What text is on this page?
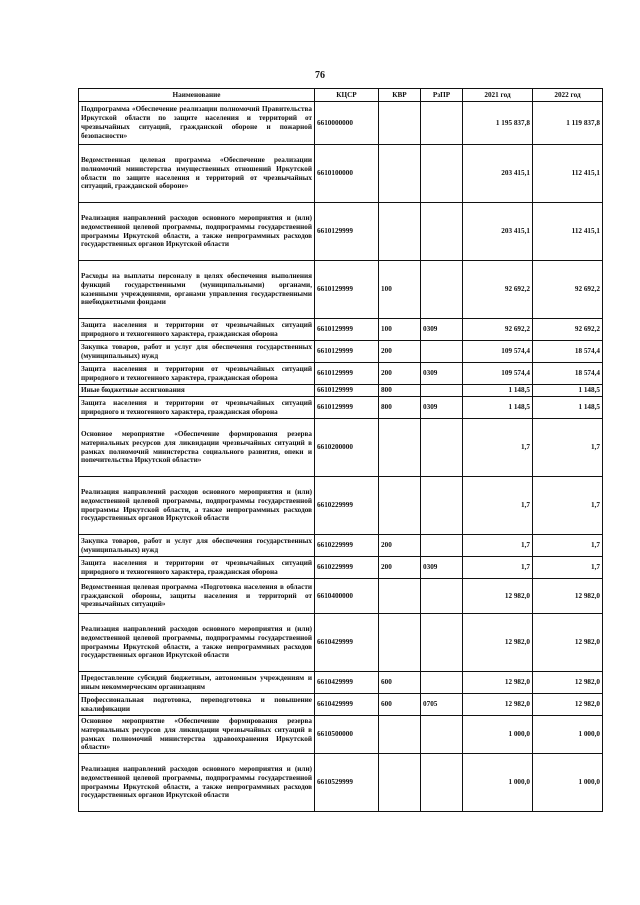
76
Наименование	КЦСР	КВР	РзПР	2021 год	2022 год
Подпрограмма «Обеспечение реализации полномочий Правительства Иркутской области по защите населения и территорий от чрезвычайных ситуаций, гражданской обороне и пожарной безопасности»	6610000000			1 195 837,8	1 119 837,8
Ведомственная целевая программа «Обеспечение реализации полномочий министерства имущественных отношений Иркутской области по защите населения и территорий от чрезвычайных ситуаций, гражданской обороне»	6610100000			203 415,1	112 415,1
Реализация направлений расходов основного мероприятия и (или) ведомственной целевой программы, подпрограммы государственной программы Иркутской области, а также непрограммных расходов государственных органов Иркутской области	6610129999			203 415,1	112 415,1
Расходы на выплаты персоналу в целях обеспечения выполнения функций государственными (муниципальными) органами, казенными учреждениями, органами управления государственными внебюджетными фондами	6610129999	100		92 692,2	92 692,2
Защита населения и территории от чрезвычайных ситуаций природного и техногенного характера, гражданская оборона	6610129999	100	0309	92 692,2	92 692,2
Закупка товаров, работ и услуг для обеспечения государственных (муниципальных) нужд	6610129999	200		109 574,4	18 574,4
Защита населения и территории от чрезвычайных ситуаций природного и техногенного характера, гражданская оборона	6610129999	200	0309	109 574,4	18 574,4
Иные бюджетные ассигнования	6610129999	800		1 148,5	1 148,5
Защита населения и территории от чрезвычайных ситуаций природного и техногенного характера, гражданская оборона	6610129999	800	0309	1 148,5	1 148,5
Основное мероприятие «Обеспечение формирования резерва материальных ресурсов для ликвидации чрезвычайных ситуаций в рамках полномочий министерства социального развития, опеки и попечительства Иркутской области»	6610200000			1,7	1,7
Реализация направлений расходов основного мероприятия и (или) ведомственной целевой программы, подпрограммы государственной программы Иркутской области, а также непрограммных расходов государственных органов Иркутской области	6610229999			1,7	1,7
Закупка товаров, работ и услуг для обеспечения государственных (муниципальных) нужд	6610229999	200		1,7	1,7
Защита населения и территории от чрезвычайных ситуаций природного и техногенного характера, гражданская оборона	6610229999	200	0309	1,7	1,7
Ведомственная целевая программа «Подготовка населения в области гражданской обороны, защиты населения и территорий от чрезвычайных ситуаций»	6610400000			12 982,0	12 982,0
Реализация направлений расходов основного мероприятия и (или) ведомственной целевой программы, подпрограммы государственной программы Иркутской области, а также непрограммных расходов государственных органов Иркутской области	6610429999			12 982,0	12 982,0
Предоставление субсидий бюджетным, автономным учреждениям и иным некоммерческим организациям	6610429999	600		12 982,0	12 982,0
Профессиональная подготовка, переподготовка и повышение квалификации	6610429999	600	0705	12 982,0	12 982,0
Основное мероприятие «Обеспечение формирования резерва материальных ресурсов для ликвидации чрезвычайных ситуаций в рамках полномочий министерства здравоохранения Иркутской области»	6610500000			1 000,0	1 000,0
Реализация направлений расходов основного мероприятия и (или) ведомственной целевой программы, подпрограммы государственной программы Иркутской области, а также непрограммных расходов государственных органов Иркутской области	6610529999			1 000,0	1 000,0
